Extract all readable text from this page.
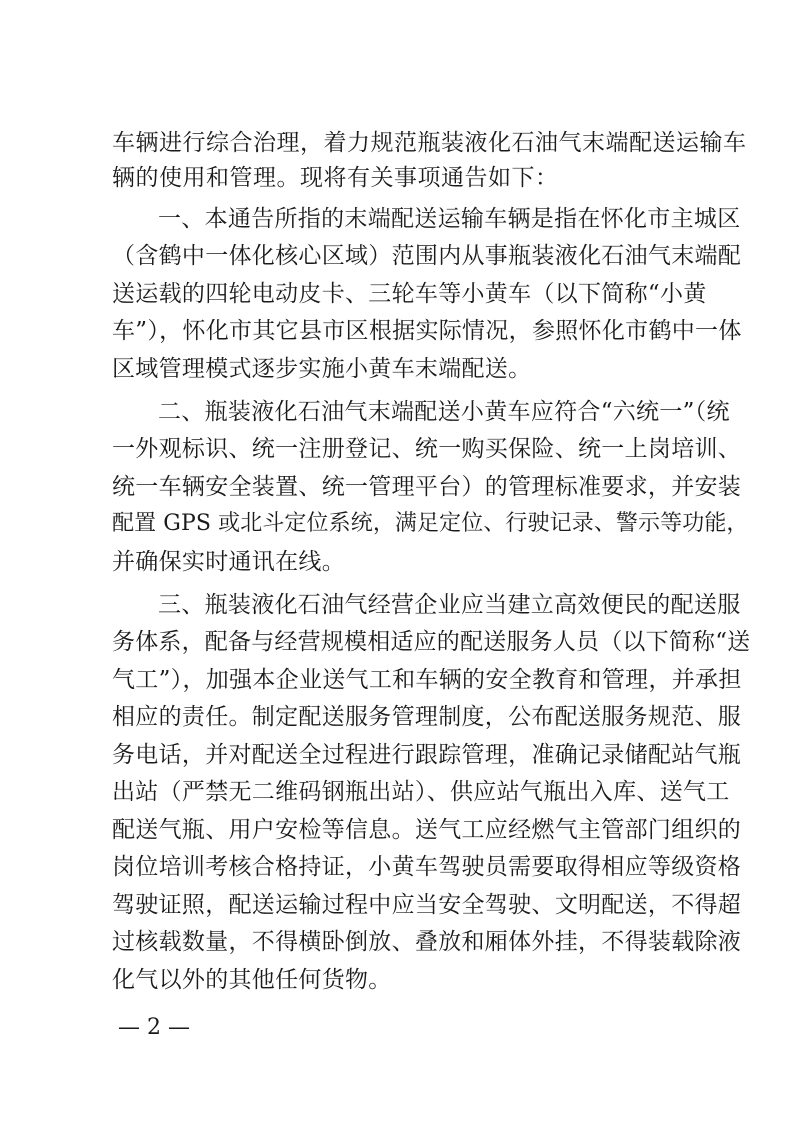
车辆进行综合治理，着力规范瓶装液化石油气末端配送运输车
辆的使用和管理。现将有关事项通告如下：
一、本通告所指的末端配送运输车辆是指在怀化市主城区
（含鹤中一体化核心区域）范围内从事瓶装液化石油气末端配
送运载的四轮电动皮卡、三轮车等小黄车（以下简称“小黄
车”），怀化市其它县市区根据实际情况，参照怀化市鹤中一体
区域管理模式逐步实施小黄车末端配送。
二、瓶装液化石油气末端配送小黄车应符合“六统一”（统
一外观标识、统一注册登记、统一购买保险、统一上岗培训、
统一车辆安全装置、统一管理平台）的管理标准要求，并安装
配置 GPS 或北斗定位系统，满足定位、行驶记录、警示等功能，
并确保实时通讯在线。
三、瓶装液化石油气经营企业应当建立高效便民的配送服
务体系，配备与经营规模相适应的配送服务人员（以下简称“送
气工”），加强本企业送气工和车辆的安全教育和管理，并承担
相应的责任。制定配送服务管理制度，公布配送服务规范、服
务电话，并对配送全过程进行跟踪管理，准确记录储配站气瓶
出站（严禁无二维码钢瓶出站）、供应站气瓶出入库、送气工
配送气瓶、用户安检等信息。送气工应经燃气主管部门组织的
岗位培训考核合格持证，小黄车驾驶员需要取得相应等级资格
驾驶证照，配送运输过程中应当安全驾驶、文明配送，不得超
过核载数量，不得横卧倒放、叠放和厢体外挂，不得装载除液
化气以外的其他任何货物。
— 2 —
